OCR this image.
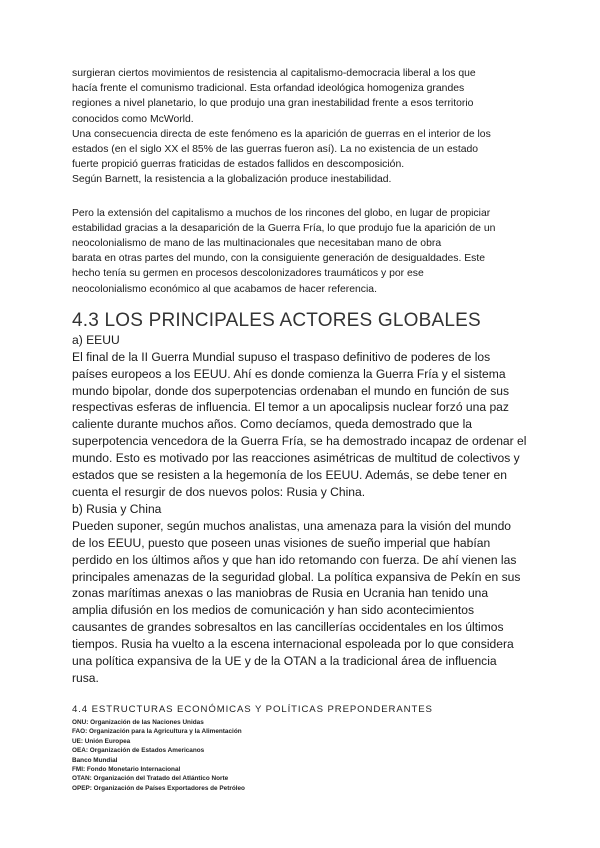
surgieran ciertos movimientos de resistencia al capitalismo-democracia liberal a los que
hacía frente el comunismo tradicional. Esta orfandad ideológica homogeniza grandes
regiones a nivel planetario, lo que produjo una gran inestabilidad frente a esos territorio
conocidos como McWorld.
Una consecuencia directa de este fenómeno es la aparición de guerras en el interior de los
estados (en el siglo XX el 85% de las guerras fueron así). La no existencia de un estado
fuerte propició guerras fraticidas de estados fallidos en descomposición.
Según Barnett, la resistencia a la globalización produce inestabilidad.

Pero la extensión del capitalismo a muchos de los rincones del globo, en lugar de propiciar
estabilidad gracias a la desaparición de la Guerra Fría, lo que produjo fue la aparición de un
neocolonialismo de mano de las multinacionales que necesitaban mano de obra
barata en otras partes del mundo, con la consiguiente generación de desigualdades. Este
hecho tenía su germen en procesos descolonizadores traumáticos y por ese
neocolonialismo económico al que acabamos de hacer referencia.

4.3 LOS PRINCIPALES ACTORES GLOBALES

a) EEUU

El final de la II Guerra Mundial supuso el traspaso definitivo de poderes de los
países europeos a los EEUU. Ahí es donde comienza la Guerra Fría y el sistema
mundo bipolar, donde dos superpotencias ordenaban el mundo en función de sus
respectivas esferas de influencia. El temor a un apocalipsis nuclear forzó una paz
caliente durante muchos años. Como decíamos, queda demostrado que la
superpotencia vencedora de la Guerra Fría, se ha demostrado incapaz de ordenar el
mundo. Esto es motivado por las reacciones asimétricas de multitud de colectivos y
estados que se resisten a la hegemonía de los EEUU. Además, se debe tener en
cuenta el resurgir de dos nuevos polos: Rusia y China.

b) Rusia y China

Pueden suponer, según muchos analistas, una amenaza para la visión del mundo
de los EEUU, puesto que poseen unas visiones de sueño imperial que habían
perdido en los últimos años y que han ido retomando con fuerza. De ahí vienen las
principales amenazas de la seguridad global. La política expansiva de Pekín en sus
zonas marítimas anexas o las maniobras de Rusia en Ucrania han tenido una
amplia difusión en los medios de comunicación y han sido acontecimientos
causantes de grandes sobresaltos en las cancillerías occidentales en los últimos
tiempos. Rusia ha vuelto a la escena internacional espoleada por lo que considera
una política expansiva de la UE y de la OTAN a la tradicional área de influencia
rusa.

4.4 ESTRUCTURAS ECONÓMICAS Y POLÍTICAS PREPONDERANTES

ONU: Organización de las Naciones Unidas
FAO: Organización para la Agricultura y la Alimentación
UE: Unión Europea
OEA: Organización de Estados Americanos
Banco Mundial
FMI: Fondo Monetario Internacional
OTAN: Organización del Tratado del Atlántico Norte
OPEP: Organización de Países Exportadores de Petróleo
